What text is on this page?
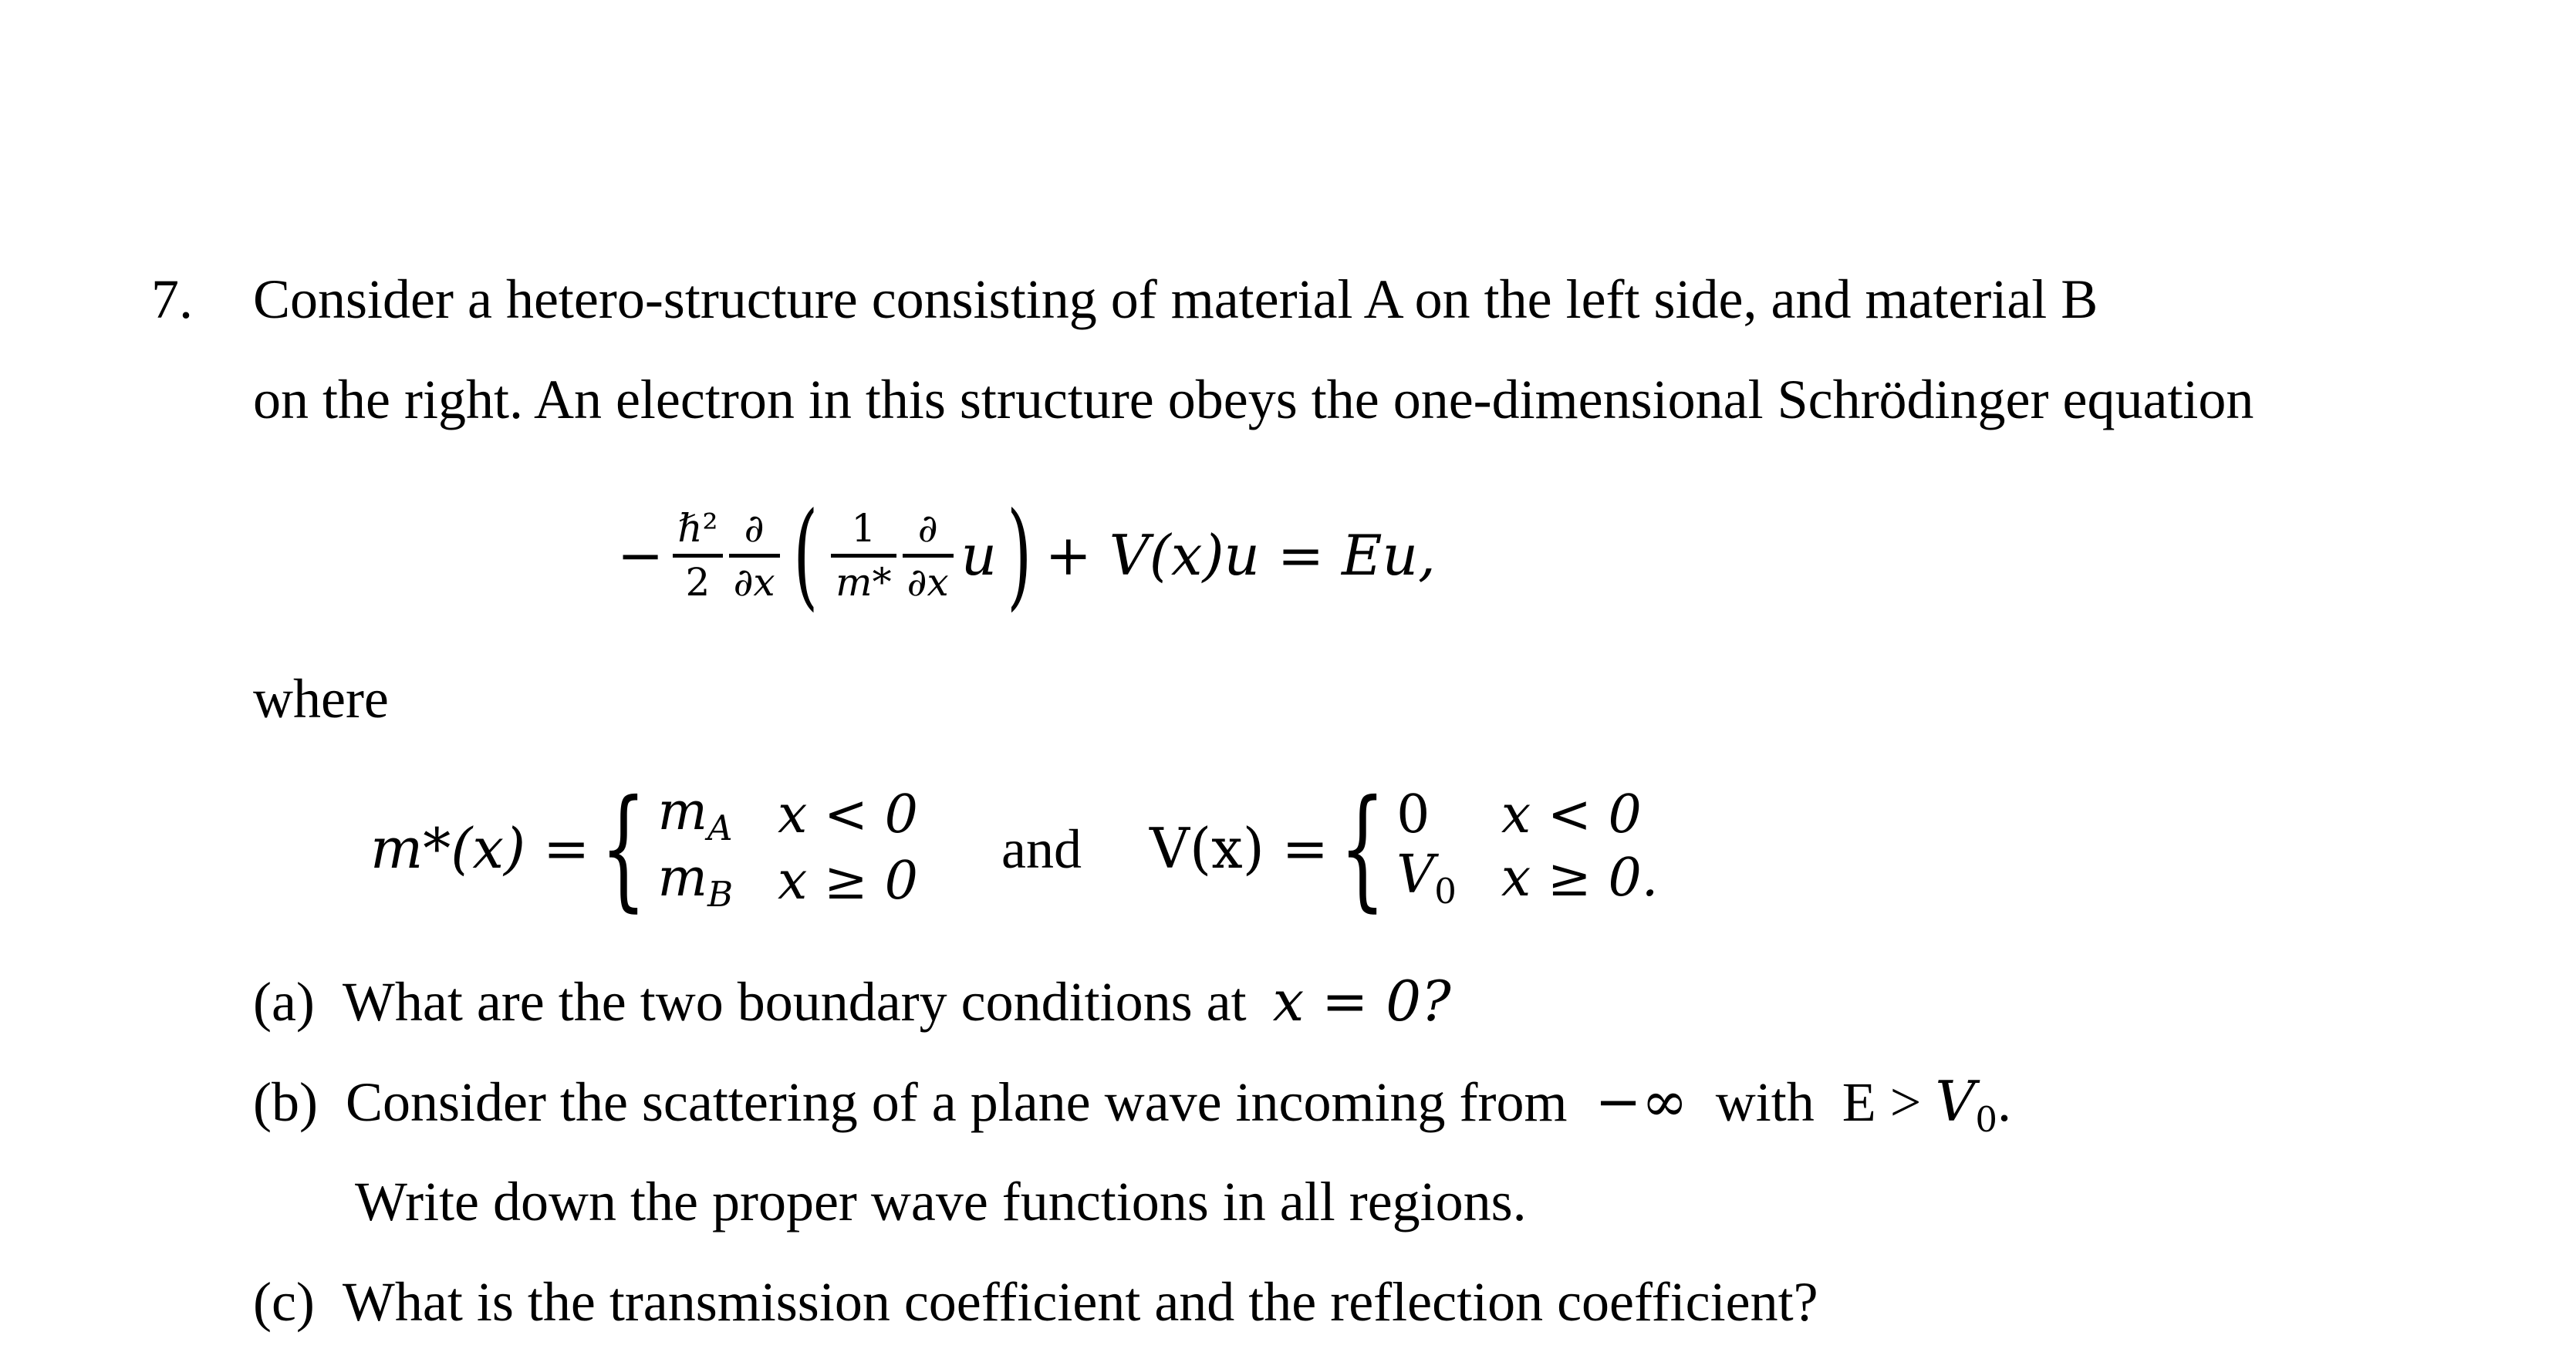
7. Consider a hetero-structure consisting of material A on the left side, and material B
on the right. An electron in this structure obeys the one-dimensional Schrӧdinger equation
− $\frac{\text{ℏ²}}{2} \frac{\partial}{\partial x}$ ( $\frac{1}{m*} \frac{\partial}{\partial x}$ u ) + V(x)u = Eu,
where
m*(x) = { $m_A$	x < 0
$m_B$	x ≥ 0
and V(x) = { 0	x < 0
$V_0$	x ≥ 0.
(a) What are the two boundary conditions at x = 0?
(b) Consider the scattering of a plane wave incoming from −∞ with  $E > V_0$.
Write down the proper wave functions in all regions.
(c) What is the transmission coefficient and the reflection coefficient?
